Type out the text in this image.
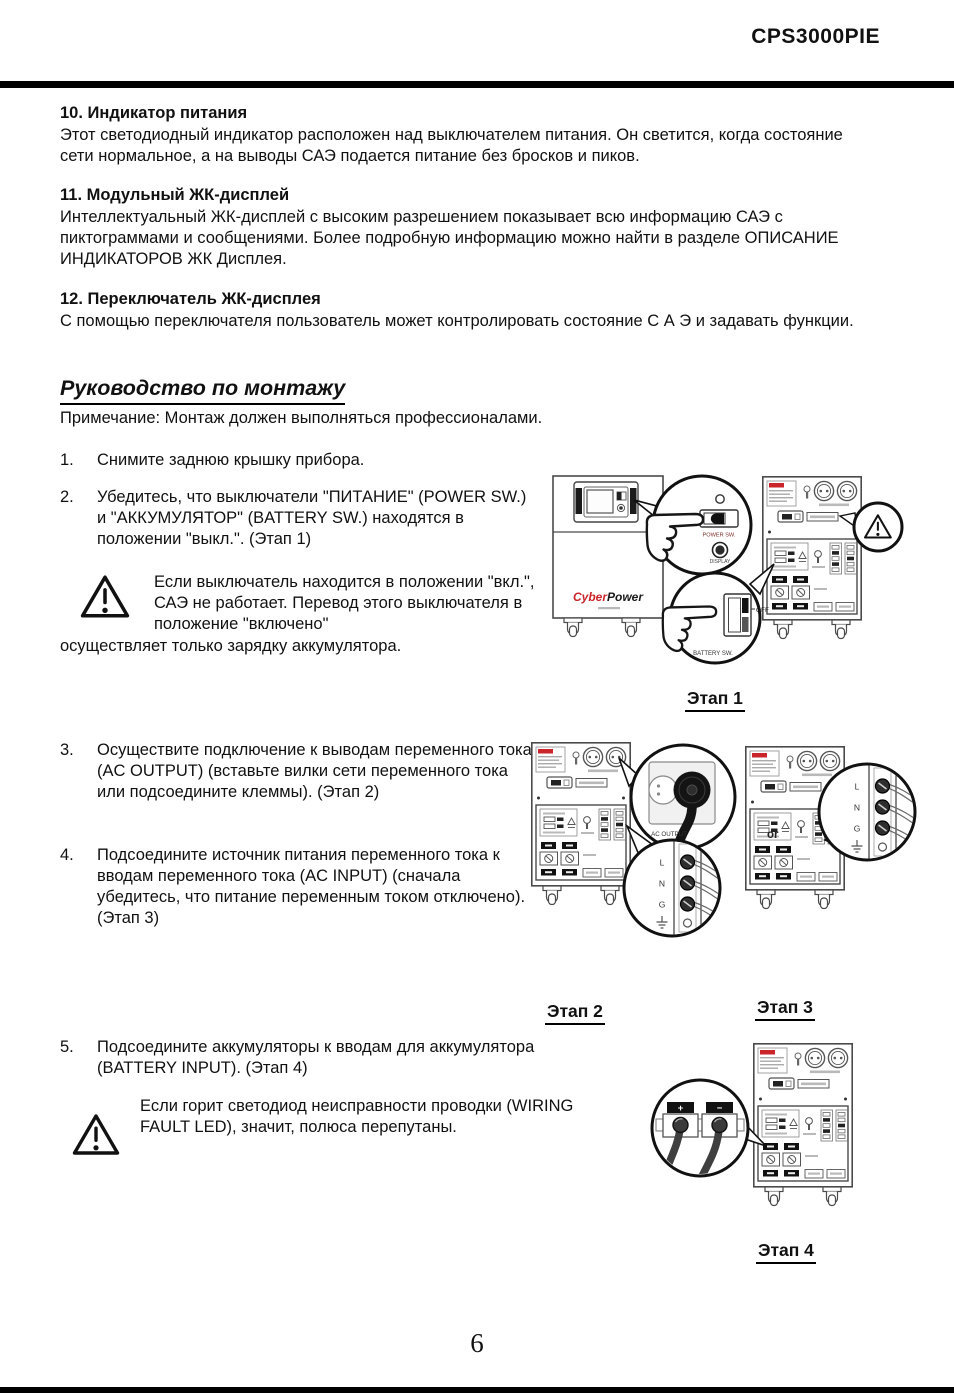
CPS3000PIE
10. Индикатор питания
Этот светодиодный индикатор расположен над выключателем питания. Он светится, когда состояние сети нормальное, а на выводы САЭ подается питание без бросков и пиков.
11. Модульный ЖК-дисплей
Интеллектуальный ЖК-дисплей с высоким разрешением показывает всю информацию САЭ с пиктограммами и сообщениями. Более подробную информацию можно найти в разделе ОПИСАНИЕ ИНДИКАТОРОВ ЖК Дисплея.
12. Переключатель ЖК-дисплея
С помощью переключателя пользователь может контролировать состояние С А Э и задавать функции.
Руководство по монтажу
Примечание: Монтаж должен выполняться профессионалами.
1.	Снимите заднюю крышку прибора.
2.	Убедитесь, что выключатели "ПИТАНИЕ" (POWER SW.) и "АККУМУЛЯТОР" (BATTERY SW.) находятся в положении "выкл.". (Этап 1)
Если выключатель находится в положении "вкл.", САЭ не работает. Перевод этого выключателя в положение "включено"
осуществляет только зарядку аккумулятора.
CyberPower
POWER SW.
DISPLAY
OFF
BATTERY SW.
Этап 1
3.	Осуществите подключение к выводам переменного тока (AC OUTPUT) (вставьте вилки сети переменного тока или подсоедините клеммы). (Этап 2)
4.	Подсоедините источник питания переменного тока к вводам переменного тока (AC INPUT) (сначала убедитесь, что питание переменным током отключено). (Этап 3)
AC OUTPUT	or
Этап 2	Этап 3
5.	Подсоедините аккумуляторы к вводам для аккумулятора (BATTERY INPUT). (Этап 4)
Если горит светодиод неисправности проводки (WIRING FAULT LED), значит, полюса перепутаны.
Этап 4
6
